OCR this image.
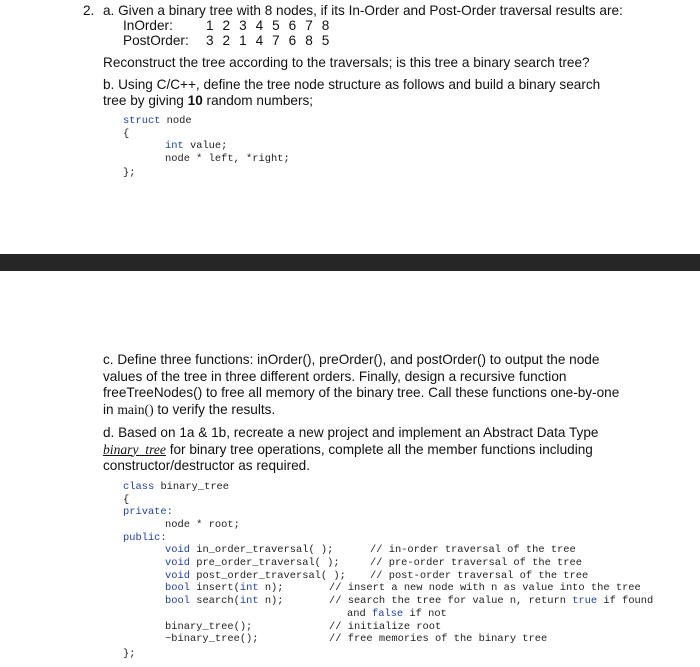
2. a. Given a binary tree with 8 nodes, if its In-Order and Post-Order traversal results are:
InOrder: 1 2 3 4 5 6 7 8
PostOrder: 3 2 1 4 7 6 8 5
Reconstruct the tree according to the traversals; is this tree a binary search tree?
b. Using C/C++, define the tree node structure as follows and build a binary search
tree by giving 10 random numbers;
struct node
{
int value;
node * left, *right;
};
c. Define three functions: inOrder(), preOrder(), and postOrder() to output the node
values of the tree in three different orders. Finally, design a recursive function
freeTreeNodes() to free all memory of the binary tree. Call these functions one-by-one
in main() to verify the results.
d. Based on 1a & 1b, recreate a new project and implement an Abstract Data Type
binary_tree for binary tree operations, complete all the member functions including
constructor/destructor as required.
class binary_tree
{
private:
node * root;
public:
void in_order_traversal( );	// in-order traversal of the tree
void pre_order_traversal( );	// pre-order traversal of the tree
void post_order_traversal( ); // post-order traversal of the tree
bool insert(int n);	// insert a new node with n as value into the tree
bool search(int n);	// search the tree for value n, return true if found
and false if not
binary_tree();	// initialize root
~binary_tree();	// free memories of the binary tree
};
